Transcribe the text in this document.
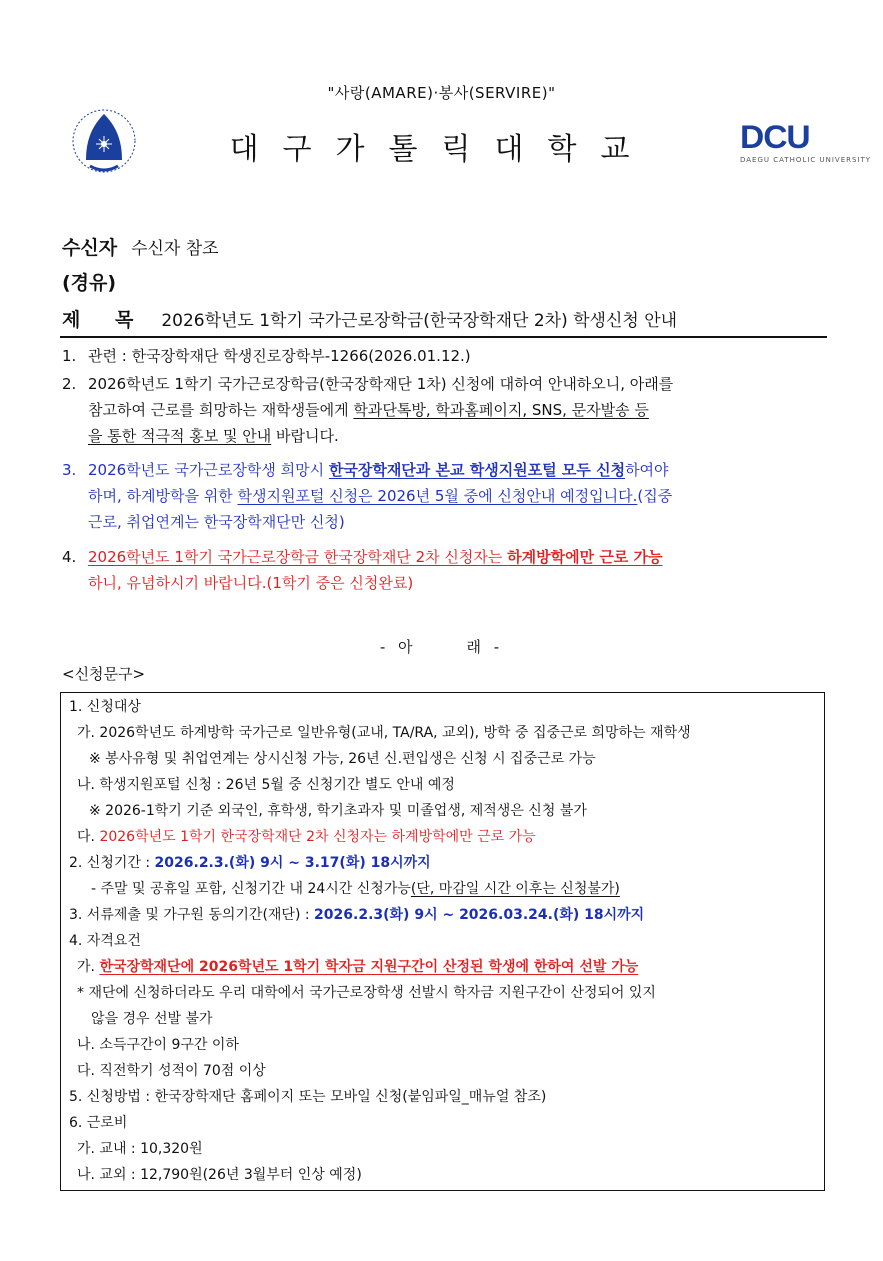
"사랑(AMARE)·봉사(SERVIRE)"
대구가톨릭대학교	DCU
DAEGU CATHOLIC UNIVERSITY
수신자 수신자 참조
(경유)
제 목 2026학년도 1학기 국가근로장학금(한국장학재단 2차) 학생신청 안내
1. 관련 : 한국장학재단 학생진로장학부-1266(2026.01.12.)
2. 2026학년도 1학기 국가근로장학금(한국장학재단 1차) 신청에 대하여 안내하오니, 아래를
참고하여 근로를 희망하는 재학생들에게 학과단톡방, 학과홈페이지, SNS, 문자발송 등
을 통한 적극적 홍보 및 안내 바랍니다.
3. 2026학년도 국가근로장학생 희망시 한국장학재단과 본교 학생지원포털 모두 신청하여야
하며, 하계방학을 위한 학생지원포털 신청은 2026년 5월 중에 신청안내 예정입니다.(집중
근로, 취업연계는 한국장학재단만 신청)
4. 2026학년도 1학기 국가근로장학금 한국장학재단 2차 신청자는 하계방학에만 근로 가능
하니, 유념하시기 바랍니다.(1학기 중은 신청완료)
- 아	래 -
<신청문구>
1. 신청대상
가. 2026학년도 하계방학 국가근로 일반유형(교내, TA/RA, 교외), 방학 중 집중근로 희망하는 재학생
※ 봉사유형 및 취업연계는 상시신청 가능, 26년 신.편입생은 신청 시 집중근로 가능
나. 학생지원포털 신청 : 26년 5월 중 신청기간 별도 안내 예정
※ 2026-1학기 기준 외국인, 휴학생, 학기초과자 및 미졸업생, 제적생은 신청 불가
다. 2026학년도 1학기 한국장학재단 2차 신청자는 하계방학에만 근로 가능
2. 신청기간 : 2026.2.3.(화) 9시 ~ 3.17(화) 18시까지
- 주말 및 공휴일 포함, 신청기간 내 24시간 신청가능(단, 마감일 시간 이후는 신청불가)
3. 서류제출 및 가구원 동의기간(재단) : 2026.2.3(화) 9시 ~ 2026.03.24.(화) 18시까지
4. 자격요건
가. 한국장학재단에 2026학년도 1학기 학자금 지원구간이 산정된 학생에 한하여 선발 가능
* 재단에 신청하더라도 우리 대학에서 국가근로장학생 선발시 학자금 지원구간이 산정되어 있지
않을 경우 선발 불가
나. 소득구간이 9구간 이하
다. 직전학기 성적이 70점 이상
5. 신청방법 : 한국장학재단 홈페이지 또는 모바일 신청(붙임파일_매뉴얼 참조)
6. 근로비
가. 교내 : 10,320원
나. 교외 : 12,790원(26년 3월부터 인상 예정)
